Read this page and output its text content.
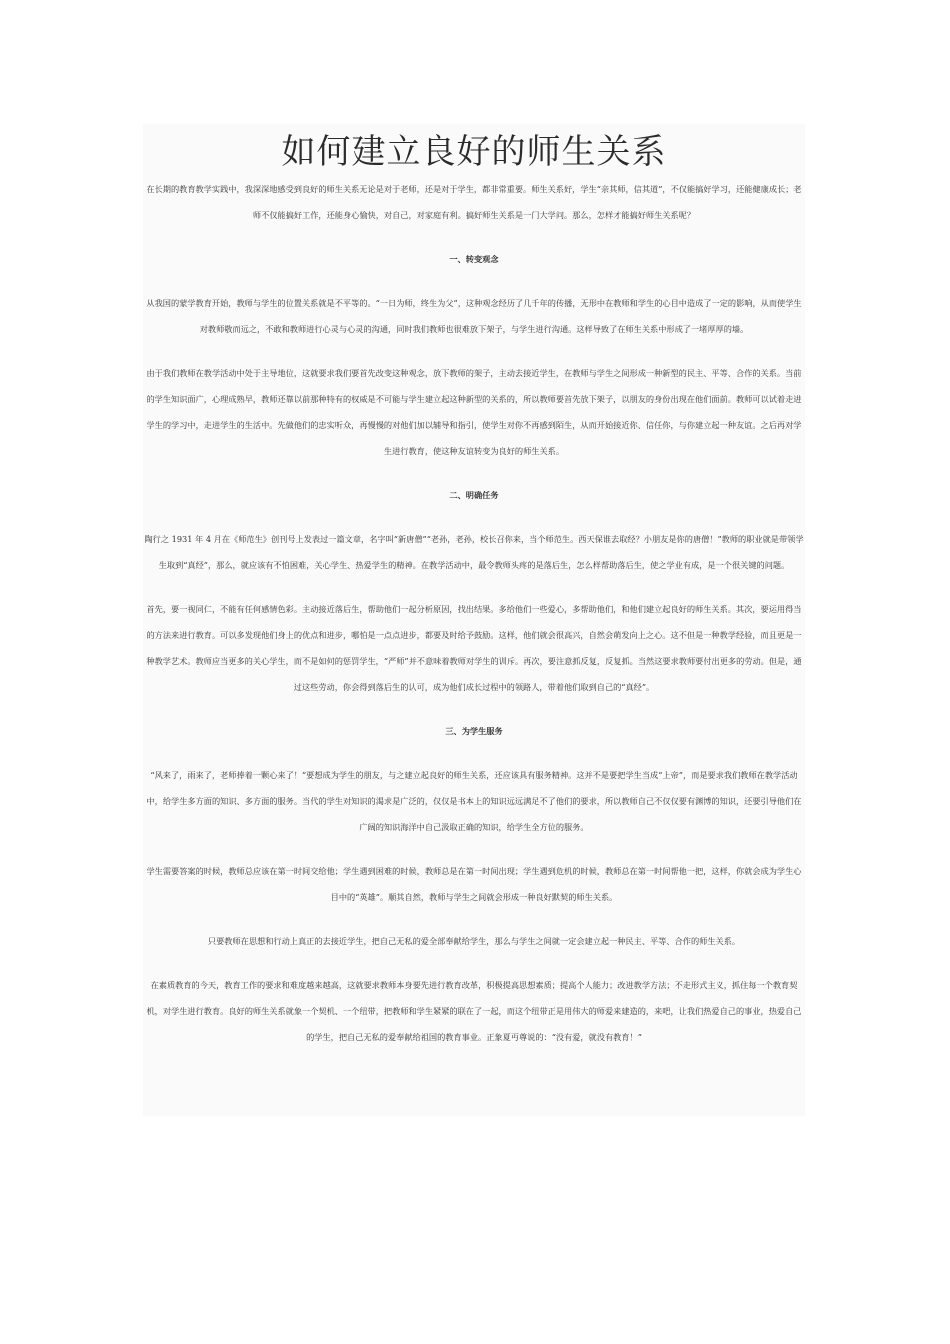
如何建立良好的师生关系

在长期的教育教学实践中，我深深地感受到良好的师生关系无论是对于老师，还是对于学生，都非常重要。师生关系好，学生“亲其师，信其道”，不仅能搞好学习，还能健康成长；老师不仅能搞好工作，还能身心愉快，对自己，对家庭有利。搞好师生关系是一门大学问。那么，怎样才能搞好师生关系呢？

一、转变观念

从我国的蒙学教育开始，教师与学生的位置关系就是不平等的。“一日为师，终生为父”，这种观念经历了几千年的传播，无形中在教师和学生的心目中造成了一定的影响，从而使学生对教师敬而远之，不敢和教师进行心灵与心灵的沟通，同时我们教师也很难放下架子，与学生进行沟通。这样导致了在师生关系中形成了一堵厚厚的墙。

由于我们教师在教学活动中处于主导地位，这就要求我们要首先改变这种观念，放下教师的架子，主动去接近学生，在教师与学生之间形成一种新型的民主、平等、合作的关系。当前的学生知识面广，心理成熟早，教师还靠以前那种特有的权威是不可能与学生建立起这种新型的关系的，所以教师要首先放下架子，以朋友的身份出现在他们面前。教师可以试着走进学生的学习中，走进学生的生活中。先做他们的忠实听众，再慢慢的对他们加以辅导和指引，使学生对你不再感到陌生，从而开始接近你、信任你，与你建立起一种友谊。之后再对学生进行教育，使这种友谊转变为良好的师生关系。

二、明确任务

陶行之 1931 年 4 月在《师范生》创刊号上发表过一篇文章，名字叫“新唐僧”“老孙，老孙，校长召你来，当个师范生。西天保谁去取经？小朋友是你的唐僧！”教师的职业就是带领学生取到“真经”，那么，就应该有不怕困难，关心学生、热爱学生的精神。在教学活动中，最令教师头疼的是落后生，怎么样帮助落后生，使之学业有成，是一个很关键的问题。

首先，要一视同仁，不能有任何感情色彩。主动接近落后生，帮助他们一起分析原因，找出结果。多给他们一些爱心，多帮助他们，和他们建立起良好的师生关系。其次，要运用得当的方法来进行教育。可以多发现他们身上的优点和进步，哪怕是一点点进步，都要及时给予鼓励。这样，他们就会很高兴，自然会萌发向上之心。这不但是一种教学经验，而且更是一种教学艺术。教师应当更多的关心学生，而不是如何的惩罚学生，“严师”并不意味着教师对学生的训斥。再次，要注意抓反复，反复抓。当然这要求教师要付出更多的劳动。但是，通过这些劳动，你会得到落后生的认可，成为他们成长过程中的领路人，带着他们取到自己的“真经”。

三、为学生服务

“风来了，雨来了，老师捧着一颗心来了！”要想成为学生的朋友，与之建立起良好的师生关系，还应该具有服务精神。这并不是要把学生当成“上帝”，而是要求我们教师在教学活动中，给学生多方面的知识、多方面的服务。当代的学生对知识的渴求是广泛的，仅仅是书本上的知识远远满足不了他们的要求，所以教师自己不仅仅要有渊博的知识，还要引导他们在广阔的知识海洋中自己汲取正确的知识，给学生全方位的服务。

学生需要答案的时候，教师总应该在第一时间交给他；学生遇到困难的时候，教师总是在第一时间出现；学生遇到危机的时候，教师总在第一时间帮他一把，这样，你就会成为学生心目中的“英雄”。顺其自然，教师与学生之间就会形成一种良好默契的师生关系。

只要教师在思想和行动上真正的去接近学生，把自己无私的爱全部奉献给学生，那么与学生之间就一定会建立起一种民主、平等、合作的师生关系。

在素质教育的今天，教育工作的要求和难度越来越高，这就要求教师本身要先进行教育改革，积极提高思想素质；提高个人能力；改进教学方法；不走形式主义，抓住每一个教育契机，对学生进行教育。良好的师生关系就象一个契机、一个纽带，把教师和学生紧紧的联在了一起，而这个纽带正是用伟大的师爱来建造的，来吧，让我们热爱自己的事业，热爱自己的学生，把自己无私的爱奉献给祖国的教育事业。正象夏丏尊说的：“没有爱，就没有教育！”
